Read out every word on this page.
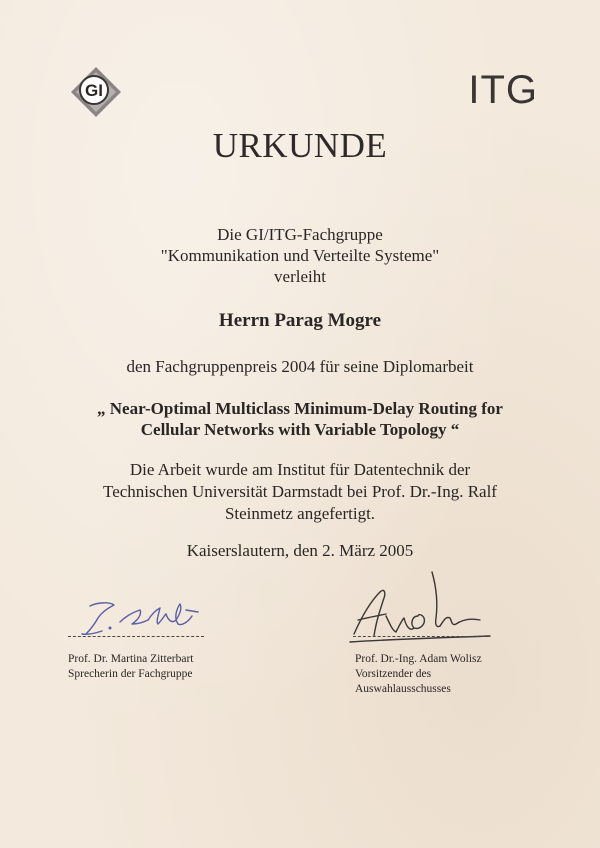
GI	ITG
URKUNDE
Die GI/ITG-Fachgruppe
"Kommunikation und Verteilte Systeme"
verleiht
Herrn Parag Mogre
den Fachgruppenpreis 2004 für seine Diplomarbeit
„ Near-Optimal Multiclass Minimum-Delay Routing for
Cellular Networks with Variable Topology “
Die Arbeit wurde am Institut für Datentechnik der
Technischen Universität Darmstadt bei Prof. Dr.-Ing. Ralf
Steinmetz angefertigt.
Kaiserslautern, den 2. März 2005
Prof. Dr. Martina Zitterbart
Sprecherin der Fachgruppe
Prof. Dr.-Ing. Adam Wolisz
Vorsitzender des
Auswahlausschusses
